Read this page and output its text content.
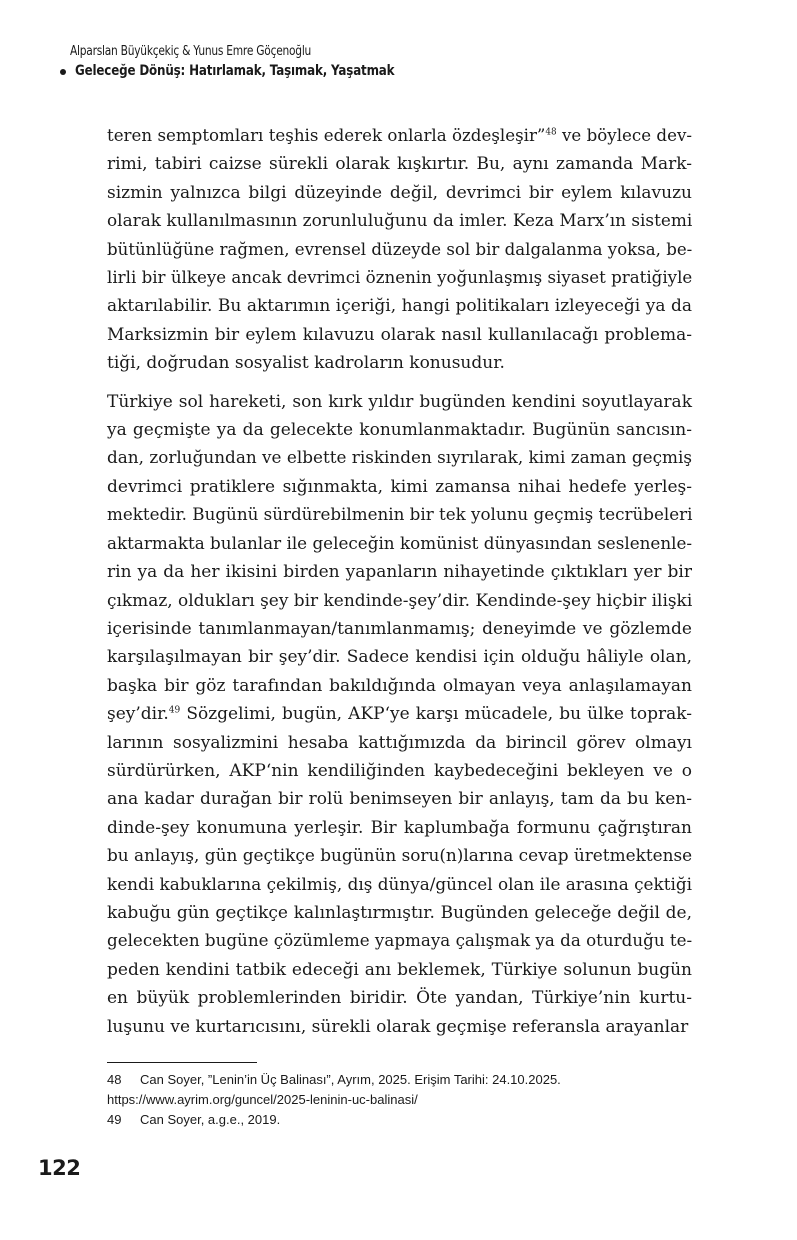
Alparslan Büyükçekiç & Yunus Emre Göçenoğlu
Geleceğe Dönüş: Hatırlamak, Taşımak, Yaşatmak
teren semptomları teşhis ederek onlarla özdeşleşir”$^{48}$ ve böylece dev-
rimi, tabiri caizse sürekli olarak kışkırtır. Bu, aynı zamanda Mark-
sizmin yalnızca bilgi düzeyinde değil, devrimci bir eylem kılavuzu
olarak kullanılmasının zorunluluğunu da imler. Keza Marx’ın sistemi
bütünlüğüne rağmen, evrensel düzeyde sol bir dalgalanma yoksa, be-
lirli bir ülkeye ancak devrimci öznenin yoğunlaşmış siyaset pratiğiyle
aktarılabilir. Bu aktarımın içeriği, hangi politikaları izleyeceği ya da
Marksizmin bir eylem kılavuzu olarak nasıl kullanılacağı problema-
tiği, doğrudan sosyalist kadroların konusudur.
Türkiye sol hareketi, son kırk yıldır bugünden kendini soyutlayarak
ya geçmişte ya da gelecekte konumlanmaktadır. Bugünün sancısın-
dan, zorluğundan ve elbette riskinden sıyrılarak, kimi zaman geçmiş
devrimci pratiklere sığınmakta, kimi zamansa nihai hedefe yerleş-
mektedir. Bugünü sürdürebilmenin bir tek yolunu geçmiş tecrübeleri
aktarmakta bulanlar ile geleceğin komünist dünyasından seslenenle-
rin ya da her ikisini birden yapanların nihayetinde çıktıkları yer bir
çıkmaz, oldukları şey bir kendinde-şey’dir. Kendinde-şey hiçbir ilişki
içerisinde tanımlanmayan/tanımlanmamış; deneyimde ve gözlemde
karşılaşılmayan bir şey’dir. Sadece kendisi için olduğu hâliyle olan,
başka bir göz tarafından bakıldığında olmayan veya anlaşılamayan
şey’dir.$^{49}$ Sözgelimi, bugün, AKP‘ye karşı mücadele, bu ülke toprak-
larının sosyalizmini hesaba kattığımızda da birincil görev olmayı
sürdürürken, AKP‘nin kendiliğinden kaybedeceğini bekleyen ve o
ana kadar durağan bir rolü benimseyen bir anlayış, tam da bu ken-
dinde-şey konumuna yerleşir. Bir kaplumbağa formunu çağrıştıran
bu anlayış, gün geçtikçe bugünün soru(n)larına cevap üretmektense
kendi kabuklarına çekilmiş, dış dünya/güncel olan ile arasına çektiği
kabuğu gün geçtikçe kalınlaştırmıştır. Bugünden geleceğe değil de,
gelecekten bugüne çözümleme yapmaya çalışmak ya da oturduğu te-
peden kendini tatbik edeceği anı beklemek, Türkiye solunun bugün
en büyük problemlerinden biridir. Öte yandan, Türkiye’nin kurtu-
luşunu ve kurtarıcısını, sürekli olarak geçmişe referansla arayanlar
48	Can Soyer, ”Lenin’in Üç Balinası”, Ayrım, 2025. Erişim Tarihi: 24.10.2025.
https://www.ayrim.org/guncel/2025-leninin-uc-balinasi/
49	Can Soyer, a.g.e., 2019.
122
